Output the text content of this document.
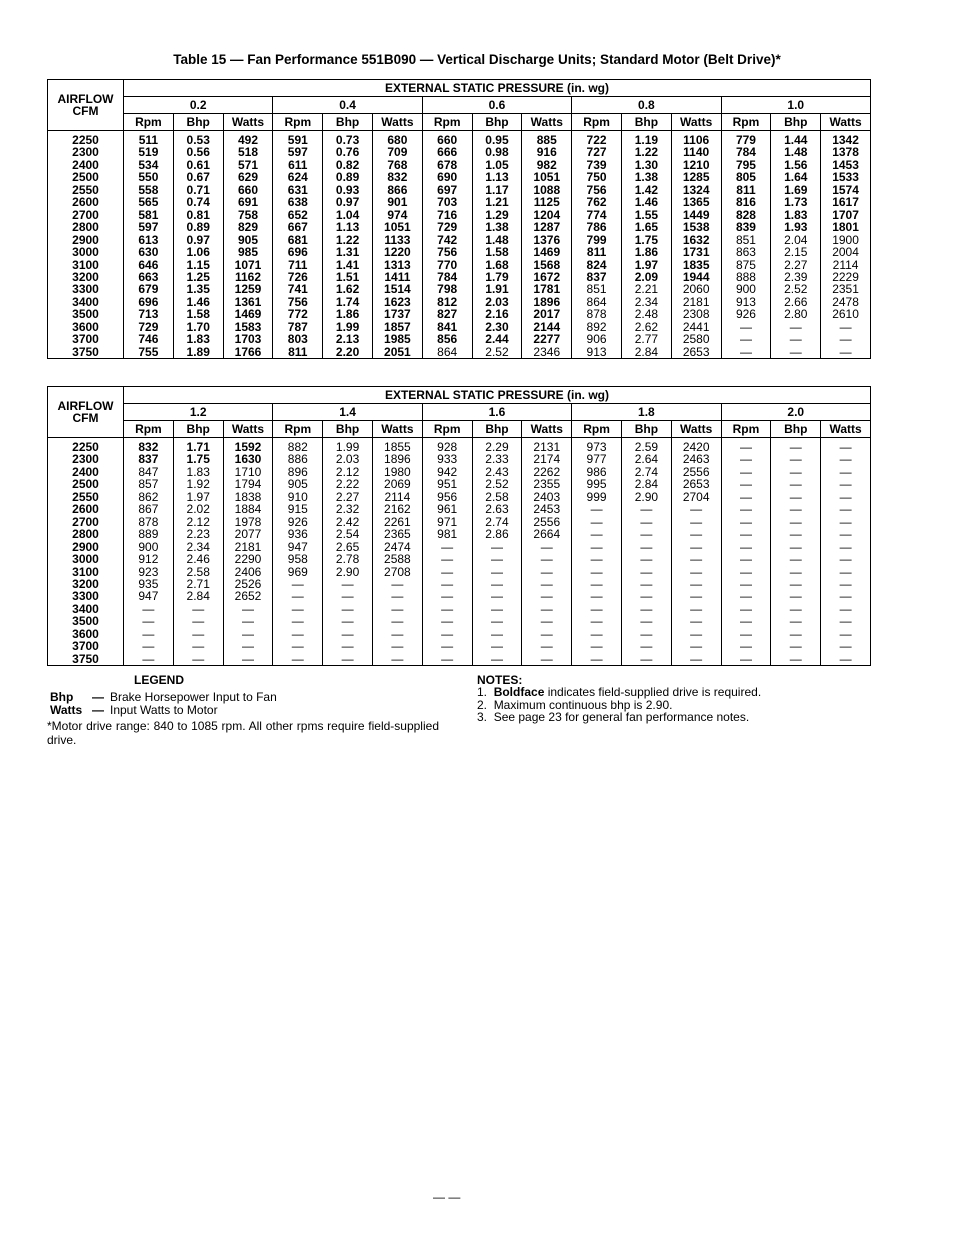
Table 15 — Fan Performance 551B090 — Vertical Discharge Units; Standard Motor (Belt Drive)*
AIRFLOW
CFM	EXTERNAL STATIC PRESSURE (in. wg)														
	0.2			0.4			0.6			0.8			1.0		
	Rpm	Bhp	Watts	Rpm	Bhp	Watts	Rpm	Bhp	Watts	Rpm	Bhp	Watts	Rpm	Bhp	Watts
2250	511	0.53	492	591	0.73	680	660	0.95	885	722	1.19	1106	779	1.44	1342
2300	519	0.56	518	597	0.76	709	666	0.98	916	727	1.22	1140	784	1.48	1378
2400	534	0.61	571	611	0.82	768	678	1.05	982	739	1.30	1210	795	1.56	1453
2500	550	0.67	629	624	0.89	832	690	1.13	1051	750	1.38	1285	805	1.64	1533
2550	558	0.71	660	631	0.93	866	697	1.17	1088	756	1.42	1324	811	1.69	1574
2600	565	0.74	691	638	0.97	901	703	1.21	1125	762	1.46	1365	816	1.73	1617
2700	581	0.81	758	652	1.04	974	716	1.29	1204	774	1.55	1449	828	1.83	1707
2800	597	0.89	829	667	1.13	1051	729	1.38	1287	786	1.65	1538	839	1.93	1801
2900	613	0.97	905	681	1.22	1133	742	1.48	1376	799	1.75	1632	851	2.04	1900
3000	630	1.06	985	696	1.31	1220	756	1.58	1469	811	1.86	1731	863	2.15	2004
3100	646	1.15	1071	711	1.41	1313	770	1.68	1568	824	1.97	1835	875	2.27	2114
3200	663	1.25	1162	726	1.51	1411	784	1.79	1672	837	2.09	1944	888	2.39	2229
3300	679	1.35	1259	741	1.62	1514	798	1.91	1781	851	2.21	2060	900	2.52	2351
3400	696	1.46	1361	756	1.74	1623	812	2.03	1896	864	2.34	2181	913	2.66	2478
3500	713	1.58	1469	772	1.86	1737	827	2.16	2017	878	2.48	2308	926	2.80	2610
3600	729	1.70	1583	787	1.99	1857	841	2.30	2144	892	2.62	2441	—	—	—
3700	746	1.83	1703	803	2.13	1985	856	2.44	2277	906	2.77	2580	—	—	—
3750	755	1.89	1766	811	2.20	2051	864	2.52	2346	913	2.84	2653	—	—	—
AIRFLOW
CFM	EXTERNAL STATIC PRESSURE (in. wg)														
	1.2			1.4			1.6			1.8			2.0		
	Rpm	Bhp	Watts	Rpm	Bhp	Watts	Rpm	Bhp	Watts	Rpm	Bhp	Watts	Rpm	Bhp	Watts
2250	832	1.71	1592	882	1.99	1855	928	2.29	2131	973	2.59	2420	—	—	—
2300	837	1.75	1630	886	2.03	1896	933	2.33	2174	977	2.64	2463	—	—	—
2400	847	1.83	1710	896	2.12	1980	942	2.43	2262	986	2.74	2556	—	—	—
2500	857	1.92	1794	905	2.22	2069	951	2.52	2355	995	2.84	2653	—	—	—
2550	862	1.97	1838	910	2.27	2114	956	2.58	2403	999	2.90	2704	—	—	—
2600	867	2.02	1884	915	2.32	2162	961	2.63	2453	—	—	—	—	—	—
2700	878	2.12	1978	926	2.42	2261	971	2.74	2556	—	—	—	—	—	—
2800	889	2.23	2077	936	2.54	2365	981	2.86	2664	—	—	—	—	—	—
2900	900	2.34	2181	947	2.65	2474	—	—	—	—	—	—	—	—	—
3000	912	2.46	2290	958	2.78	2588	—	—	—	—	—	—	—	—	—
3100	923	2.58	2406	969	2.90	2708	—	—	—	—	—	—	—	—	—
3200	935	2.71	2526	—	—	—	—	—	—	—	—	—	—	—	—
3300	947	2.84	2652	—	—	—	—	—	—	—	—	—	—	—	—
3400	—	—	—	—	—	—	—	—	—	—	—	—	—	—	—
3500	—	—	—	—	—	—	—	—	—	—	—	—	—	—	—
3600	—	—	—	—	—	—	—	—	—	—	—	—	—	—	—
3700	—	—	—	—	—	—	—	—	—	—	—	—	—	—	—
3750	—	—	—	—	—	—	—	—	—	—	—	—	—	—	—
LEGEND
Bhp — Brake Horsepower Input to Fan
Watts — Input Watts to Motor
*Motor drive range: 840 to 1085 rpm. All other rpms require field-supplied drive.
NOTES:
1. Boldface indicates field-supplied drive is required.
2. Maximum continuous bhp is 2.90.
3. See page 23 for general fan performance notes.
— —
